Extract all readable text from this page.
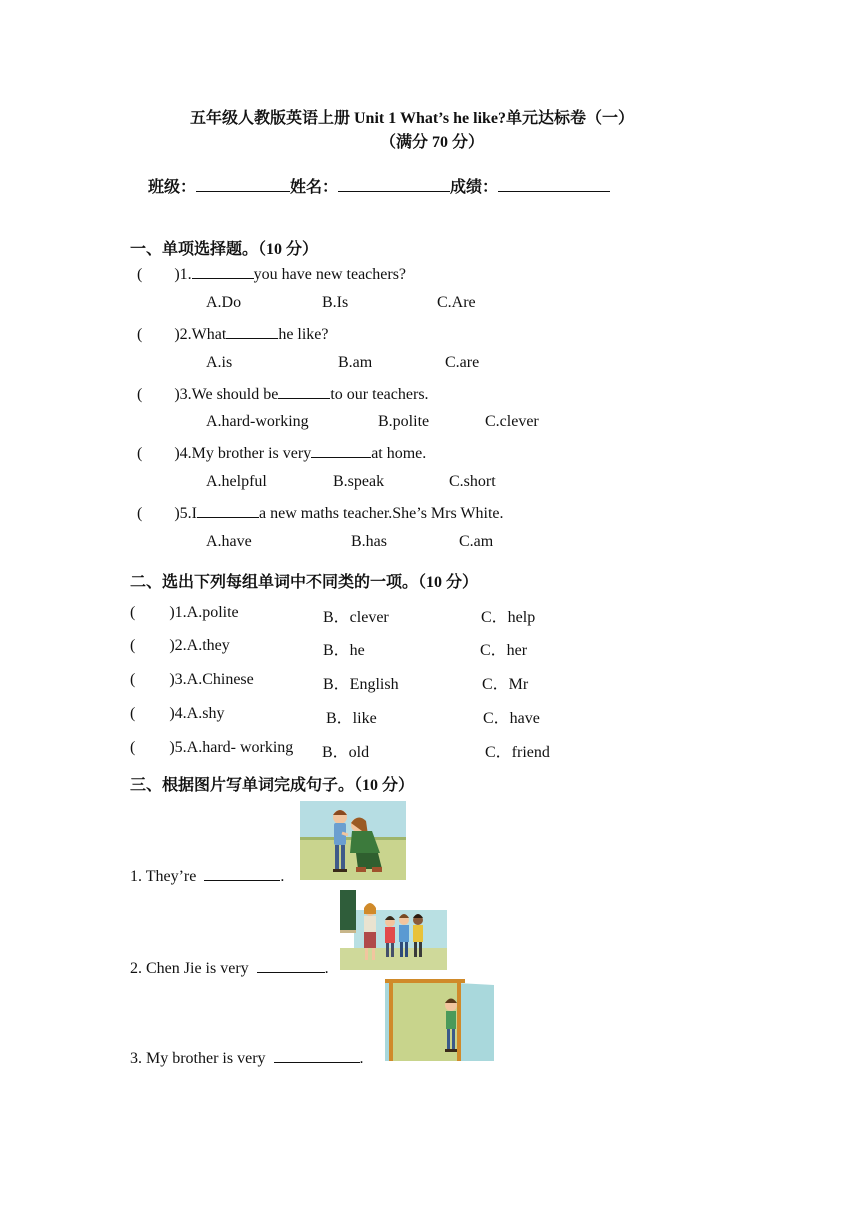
五年级人教版英语上册 Unit 1 What’s he like?单元达标卷（一）
（满分 70 分）
班级：	姓名：	成绩：
一、单项选择题。（10 分）
( )1.	you have new teachers?
A.Do	B.Is	C.Are
( )2.What	he like?
A.is	B.am	C.are
( )3.We should be	to our teachers.
A.hard-working	B.polite	C.clever
( )4.My brother is very	at home.
A.helpful	B.speak	C.short
( )5.I	a new maths teacher.She’s Mrs White.
A.have	B.has	C.am
二、选出下列每组单词中不同类的一项。（10 分）
( )1.A.polite	B．clever	C．help
( )2.A.they	B．he	C．her
( )3.A.Chinese	B．English	C．Mr
( )4.A.shy	B．like	C．have
( )5.A.hard- working B．old	C．friend
三、根据图片写单词完成句子。（10 分）
1. They’re	.
2. Chen Jie is very	.
3. My brother is very	.
